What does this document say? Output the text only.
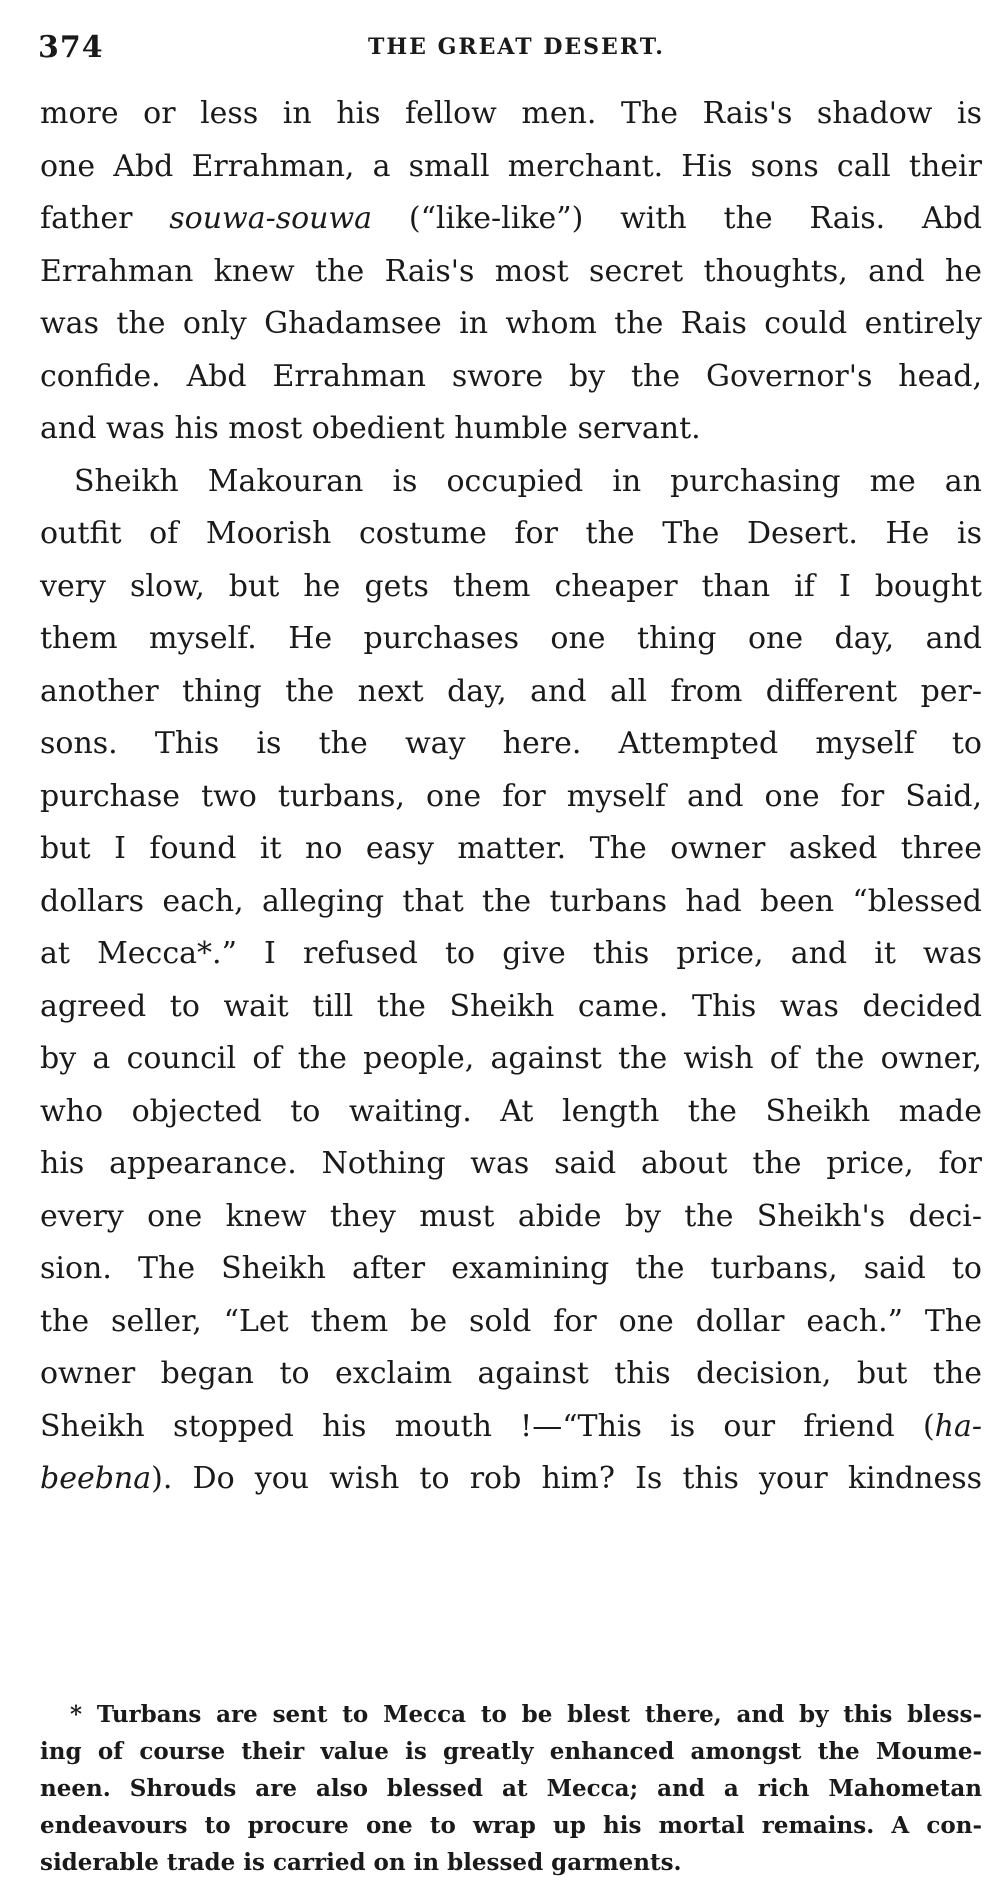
374	THE GREAT DESERT.
more or less in his fellow men. The Rais's shadow is
one Abd Errahman, a small merchant. His sons call their
father souwa-souwa (“like-like”) with the Rais. Abd
Errahman knew the Rais's most secret thoughts, and he
was the only Ghadamsee in whom the Rais could entirely
confide. Abd Errahman swore by the Governor's head,
and was his most obedient humble servant.
Sheikh Makouran is occupied in purchasing me an
outfit of Moorish costume for the The Desert. He is
very slow, but he gets them cheaper than if I bought
them myself. He purchases one thing one day, and
another thing the next day, and all from different per-
sons. This is the way here. Attempted myself to
purchase two turbans, one for myself and one for Said,
but I found it no easy matter. The owner asked three
dollars each, alleging that the turbans had been “blessed
at Mecca*.” I refused to give this price, and it was
agreed to wait till the Sheikh came. This was decided
by a council of the people, against the wish of the owner,
who objected to waiting. At length the Sheikh made
his appearance. Nothing was said about the price, for
every one knew they must abide by the Sheikh's deci-
sion. The Sheikh after examining the turbans, said to
the seller, “Let them be sold for one dollar each.” The
owner began to exclaim against this decision, but the
Sheikh stopped his mouth !—“This is our friend (ha-
beebna). Do you wish to rob him? Is this your kindness
* Turbans are sent to Mecca to be blest there, and by this bless-
ing of course their value is greatly enhanced amongst the Moume-
neen. Shrouds are also blessed at Mecca; and a rich Mahometan
endeavours to procure one to wrap up his mortal remains. A con-
siderable trade is carried on in blessed garments.
